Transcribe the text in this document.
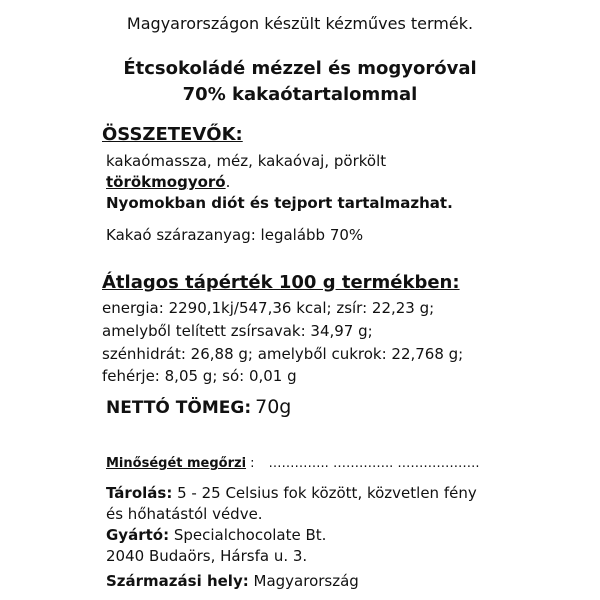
Magyarországon készült kézműves termék.
Étcsokoládé mézzel és mogyoróval
70% kakaótartalommal
ÖSSZETEVŐK:
kakaómassza, méz, kakaóvaj, pörkölt
törökmogyoró.
Nyomokban diót és tejport tartalmazhat.
Kakaó szárazanyag: legalább 70%
Átlagos tápérték 100 g termékben:
energia: 2290,1kj/547,36 kcal; zsír: 22,23 g;
amelyből telített zsírsavak: 34,97 g;
szénhidrát: 26,88 g; amelyből cukrok: 22,768 g;
fehérje: 8,05 g; só: 0,01 g
NETTÓ TÖMEG: 70g
Minőségét megőrzi : ………….. ………….. ……………….
Tárolás: 5 - 25 Celsius fok között, közvetlen fény
és hőhatástól védve.
Gyártó: Specialchocolate Bt.
2040 Budaörs, Hársfa u. 3.
Származási hely: Magyarország
